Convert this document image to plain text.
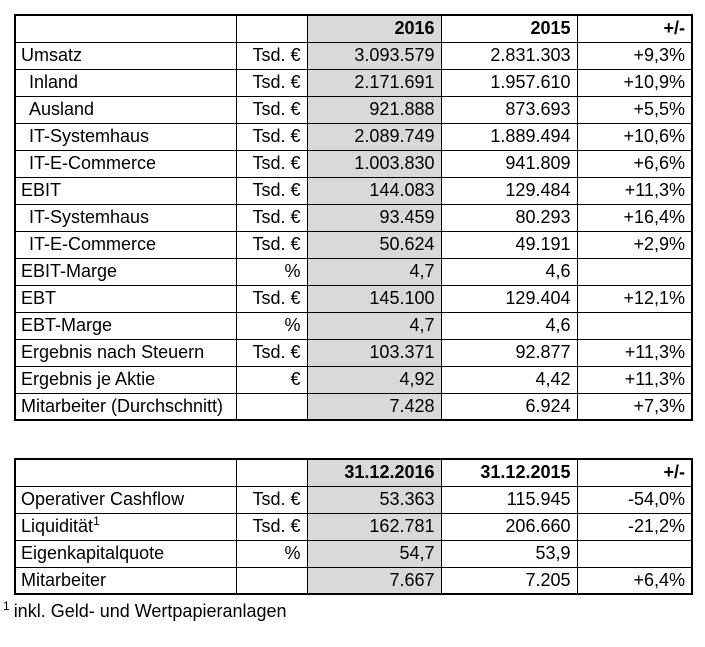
		2016	2015	+/-
Umsatz	Tsd. €	3.093.579	2.831.303	+9,3%
Inland	Tsd. €	2.171.691	1.957.610	+10,9%
Ausland	Tsd. €	921.888	873.693	+5,5%
IT-Systemhaus	Tsd. €	2.089.749	1.889.494	+10,6%
IT-E-Commerce	Tsd. €	1.003.830	941.809	+6,6%
EBIT	Tsd. €	144.083	129.484	+11,3%
IT-Systemhaus	Tsd. €	93.459	80.293	+16,4%
IT-E-Commerce	Tsd. €	50.624	49.191	+2,9%
EBIT-Marge	%	4,7	4,6	
EBT	Tsd. €	145.100	129.404	+12,1%
EBT-Marge	%	4,7	4,6	
Ergebnis nach Steuern	Tsd. €	103.371	92.877	+11,3%
Ergebnis je Aktie	€	4,92	4,42	+11,3%
Mitarbeiter (Durchschnitt)		7.428	6.924	+7,3%
		31.12.2016	31.12.2015	+/-
Operativer Cashflow	Tsd. €	53.363	115.945	-54,0%
Liquidität$^1$	Tsd. €	162.781	206.660	-21,2%
Eigenkapitalquote	%	54,7	53,9	
Mitarbeiter		7.667	7.205	+6,4%

$^1$ inkl. Geld- und Wertpapieranlagen
